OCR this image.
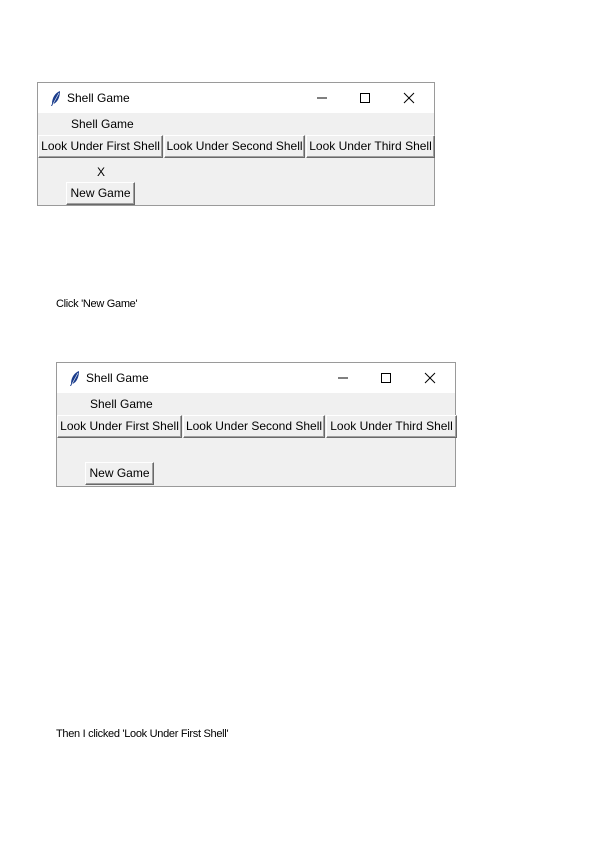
Shell Game
Shell Game
Look Under First Shell Look Under Second Shell Look Under Third Shell
X
New Game
Click 'New Game'
Shell Game
Shell Game
Look Under First Shell Look Under Second Shell Look Under Third Shell
New Game
Then I clicked 'Look Under First Shell'
